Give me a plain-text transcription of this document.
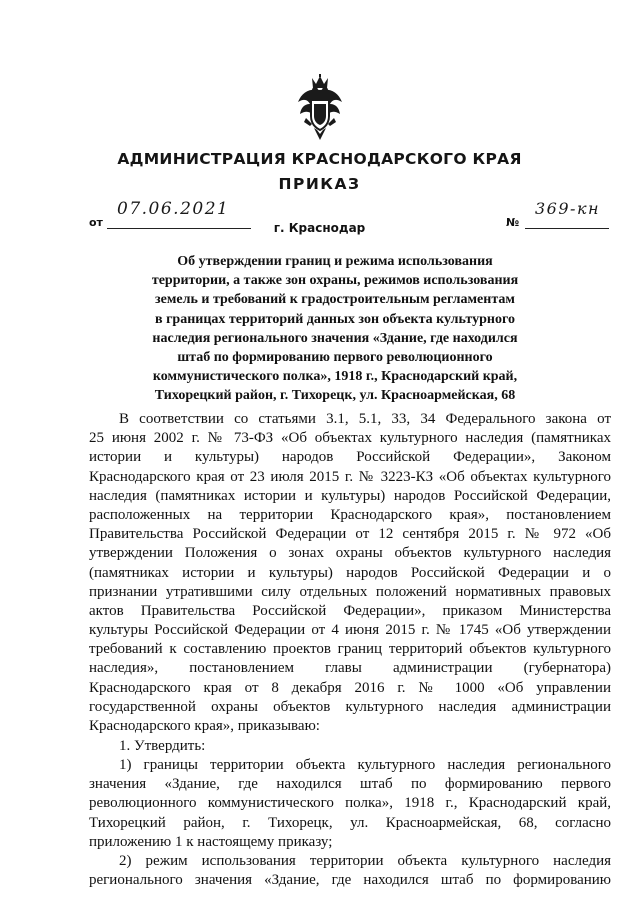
АДМИНИСТРАЦИЯ КРАСНОДАРСКОГО КРАЯ
ПРИКАЗ
от
07.06.2021
№
369-кн
г. Краснодар
Об утверждении границ и режима использования
территории, а также зон охраны, режимов использования
земель и требований к градостроительным регламентам
в границах территорий данных зон объекта культурного
наследия регионального значения «Здание, где находился
штаб по формированию первого революционного
коммунистического полка», 1918 г., Краснодарский край,
Тихорецкий район, г. Тихорецк, ул. Красноармейская, 68
В соответствии со статьями 3.1, 5.1, 33, 34 Федерального закона от
25 июня 2002 г. № 73-ФЗ «Об объектах культурного наследия (памятниках
истории и культуры) народов Российской Федерации», Законом
Краснодарского края от 23 июля 2015 г. № 3223-КЗ «Об объектах культурного
наследия (памятниках истории и культуры) народов Российской Федерации,
расположенных на территории Краснодарского края», постановлением
Правительства Российской Федерации от 12 сентября 2015 г. № 972 «Об
утверждении Положения о зонах охраны объектов культурного наследия
(памятниках истории и культуры) народов Российской Федерации и о
признании утратившими силу отдельных положений нормативных правовых
актов Правительства Российской Федерации», приказом Министерства
культуры Российской Федерации от 4 июня 2015 г. № 1745 «Об утверждении
требований к составлению проектов границ территорий объектов культурного
наследия», постановлением главы администрации (губернатора)
Краснодарского края от 8 декабря 2016 г. № 1000 «Об управлении
государственной охраны объектов культурного наследия администрации
Краснодарского края», приказываю:
1. Утвердить:
1) границы территории объекта культурного наследия регионального
значения «Здание, где находился штаб по формированию первого
революционного коммунистического полка», 1918 г., Краснодарский край,
Тихорецкий район, г. Тихорецк, ул. Красноармейская, 68, согласно
приложению 1 к настоящему приказу;
2) режим использования территории объекта культурного наследия
регионального значения «Здание, где находился штаб по формированию
